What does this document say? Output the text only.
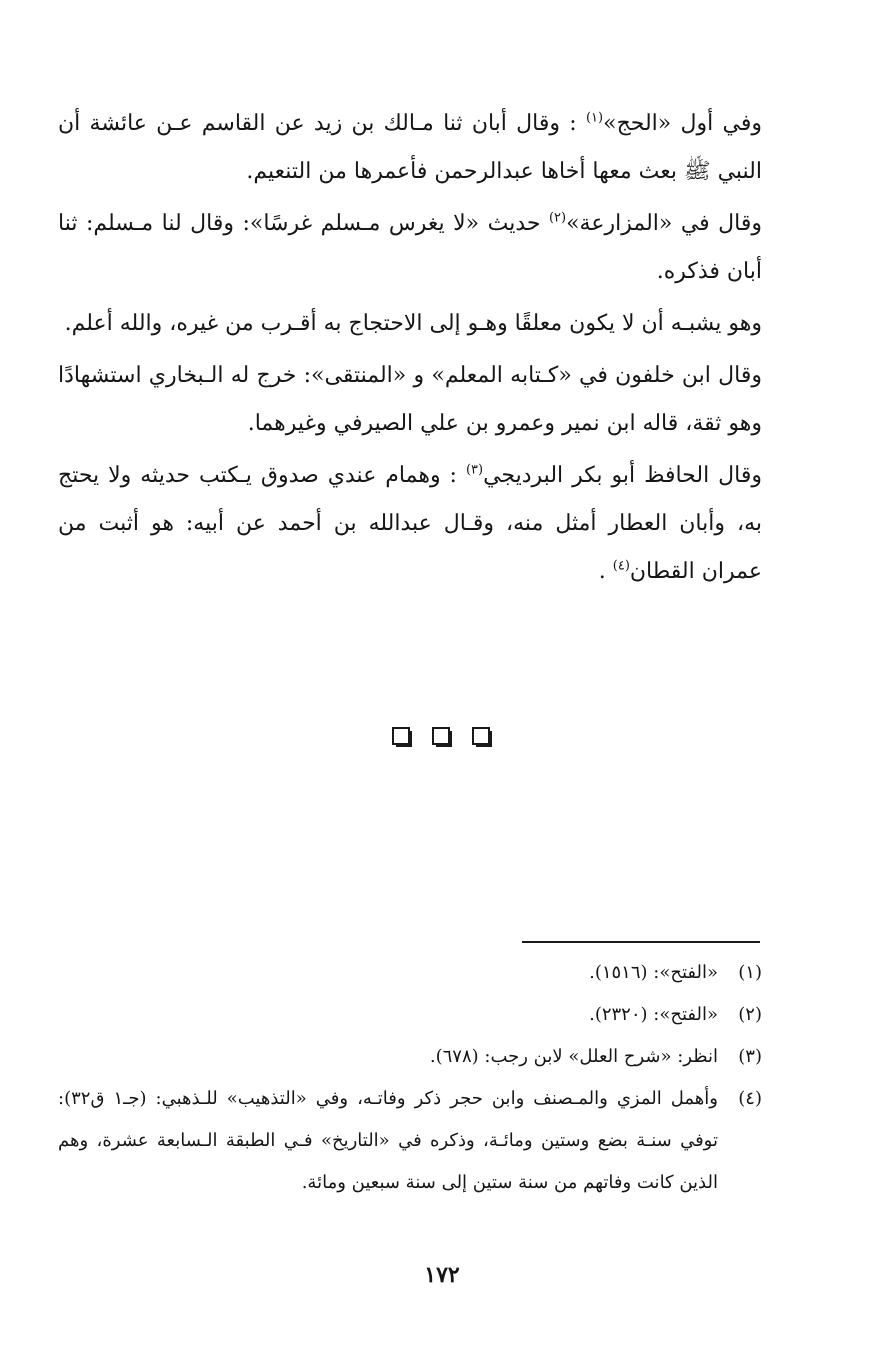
وفي أول «الحج»$^{(١)}$ : وقال أبان ثنا مـالك بن زيد عن القاسم عـن عائشة أن النبي ﷺ بعث معها أخاها عبدالرحمن فأعمرها من التنعيم.

وقال في «المزارعة»$^{(٢)}$ حديث «لا يغرس مـسلم غرسًا»: وقال لنا مـسلم: ثنا أبان فذكره.

وهو يشبـه أن لا يكون معلقًا وهـو إلى الاحتجاج به أقـرب من غيره، والله أعلم.

وقال ابن خلفون في «كـتابه المعلم» و «المنتقى»: خرج له الـبخاري استشهادًا وهو ثقة، قاله ابن نمير وعمرو بن علي الصيرفي وغيرهما.

وقال الحافظ أبو بكر البرديجي$^{(٣)}$ : وهمام عندي صدوق يـكتب حديثه ولا يحتج به، وأبان العطار أمثل منه، وقـال عبدالله بن أحمد عن أبيه: هو أثبت من عمران القطان$^{(٤)}$ .

(١)
«الفتح»: (١٥١٦).
(٢)
«الفتح»: (٢٣٢٠).
(٣)
انظر: «شرح العلل» لابن رجب: (٦٧٨).
(٤)
وأهمل المزي والمـصنف وابن حجر ذكر وفاتـه، وفي «التذهيب» للـذهبي: (جـ١ ق٣٢): توفي سنـة بضع وستين ومائـة، وذكره في «التاريخ» فـي الطبقة الـسابعة عشرة، وهم الذين كانت وفاتهم من سنة ستين إلى سنة سبعين ومائة.
١٧٢
